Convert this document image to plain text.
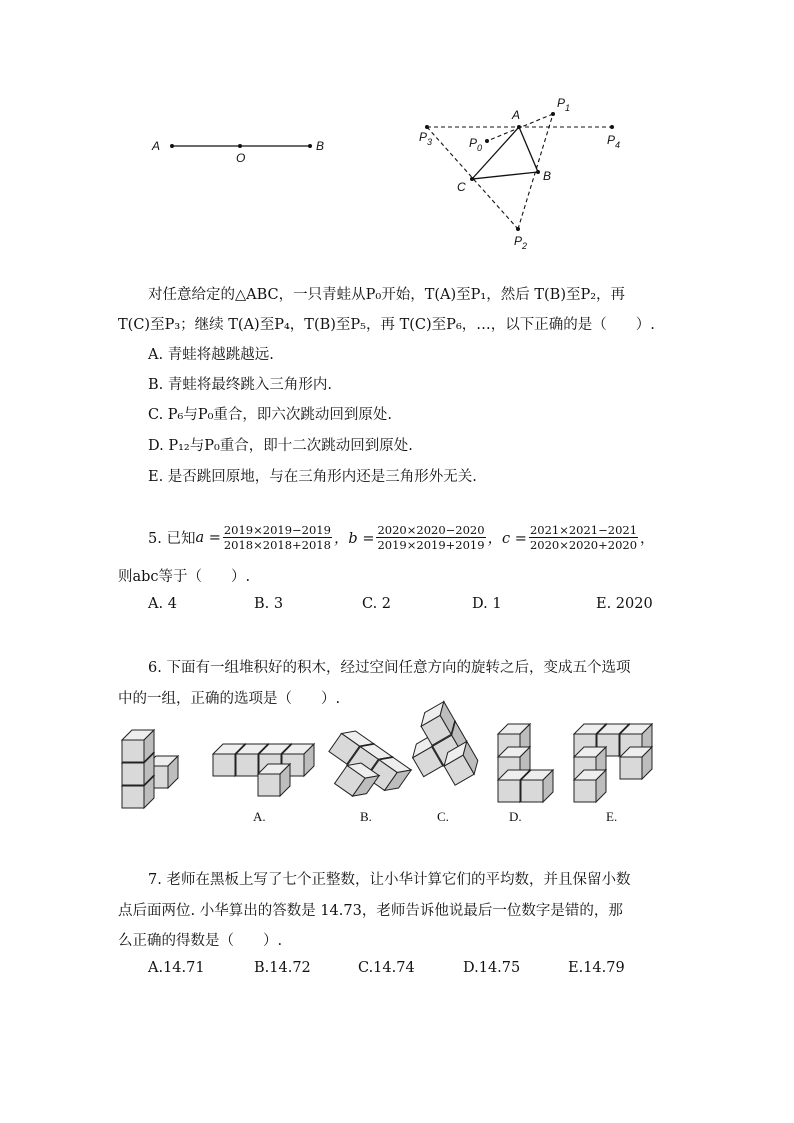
A
O
B
A
B
C
$P_0$
$P_1$
$P_2$
$P_3$	$P_4$
对任意给定的△ABC，一只青蛙从P₀开始，T(A)至P₁，然后 T(B)至P₂，再
T(C)至P₃；继续 T(A)至P₄，T(B)至P₅，再 T(C)至P₆，…，以下正确的是（　　）.
A. 青蛙将越跳越远.
B. 青蛙将最终跳入三角形内.
C. P₆与P₀重合，即六次跳动回到原处.
D. P₁₂与P₀重合，即十二次跳动回到原处.
E. 是否跳回原地，与在三角形内还是三角形外无关.
5. 已知 $a = \frac{2019\times 2019-2019}{2018\times 2018+2018}$ ，$b = \frac{2020\times 2020-2020}{2019\times 2019+2019}$ ，$c = \frac{2021\times 2021-2021}{2020\times 2020+2020}$ ，
则abc等于（　　）.
A. 4	B. 3	C. 2	D. 1	E. 2020
6. 下面有一组堆积好的积木，经过空间任意方向的旋转之后，变成五个选项
中的一组，正确的选项是（　　）.
A.	B.	C.	D.	E.
7. 老师在黑板上写了七个正整数，让小华计算它们的平均数，并且保留小数
点后面两位. 小华算出的答数是 14.73，老师告诉他说最后一位数字是错的，那
么正确的得数是（　　）.
A.14.71	B.14.72	C.14.74	D.14.75	E.14.79
